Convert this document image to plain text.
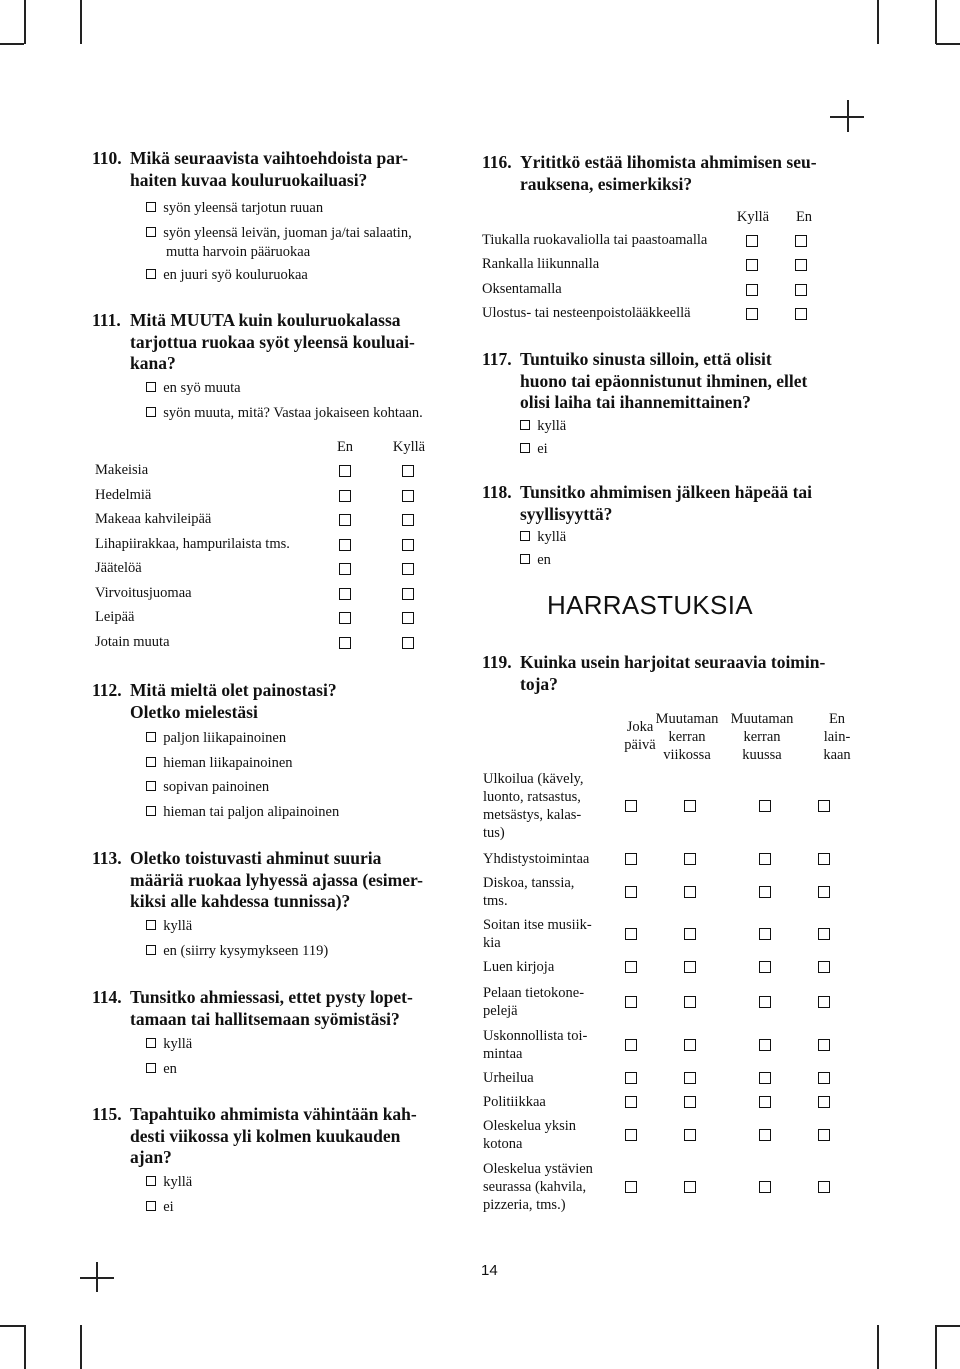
110. Mikä seuraavista vaihtoehdoista par-
haiten kuvaa kouluruokailuasi?
syön yleensä tarjotun ruuan
syön yleensä leivän, juoman ja/tai salaatin,
mutta harvoin pääruokaa
en juuri syö kouluruokaa
111. Mitä MUUTA kuin kouluruokalassa
tarjottua ruokaa syöt yleensä kouluai-
kana?
en syö muuta
syön muuta, mitä? Vastaa jokaiseen kohtaan.
En	Kyllä
Makeisia
Hedelmiä
Makeaa kahvileipää
Lihapiirakkaa, hampurilaista tms.
Jäätelöä
Virvoitusjuomaa
Leipää
Jotain muuta
112. Mitä mieltä olet painostasi?
Oletko mielestäsi
paljon liikapainoinen
hieman liikapainoinen
sopivan painoinen
hieman tai paljon alipainoinen
113. Oletko toistuvasti ahminut suuria
määriä ruokaa lyhyessä ajassa (esimer-
kiksi alle kahdessa tunnissa)?
kyllä
en (siirry kysymykseen 119)
114. Tunsitko ahmiessasi, ettet pysty lopet-
tamaan tai hallitsemaan syömistäsi?
kyllä
en
115. Tapahtuiko ahmimista vähintään kah-
desti viikossa yli kolmen kuukauden
ajan?
kyllä
ei
116. Yrititkö estää lihomista ahmimisen seu-
rauksena, esimerkiksi?
Kyllä	En
Tiukalla ruokavaliolla tai paastoamalla
Rankalla liikunnalla
Oksentamalla
Ulostus- tai nesteenpoistolääkkeellä
117. Tuntuiko sinusta silloin, että olisit
huono tai epäonnistunut ihminen, ellet
olisi laiha tai ihannemittainen?
kyllä
ei
118. Tunsitko ahmimisen jälkeen häpeää tai
syyllisyyttä?
kyllä
en
HARRASTUKSIA
119. Kuinka usein harjoitat seuraavia toimin-
toja?
Joka
päivä
Muutaman
kerran
viikossa
Muutaman
kerran
kuussa
En
lain-
kaan
Ulkoilua (kävely,
luonto, ratsastus,
metsästys, kalas-
tus)
Yhdistystoimintaa
Diskoa, tanssia,
tms.
Soitan itse musiik-
kia
Luen kirjoja
Pelaan tietokone-
pelejä
Uskonnollista toi-
mintaa
Urheilua
Politiikkaa
Oleskelua yksin
kotona
Oleskelua ystävien
seurassa (kahvila,
pizzeria, tms.)
14
